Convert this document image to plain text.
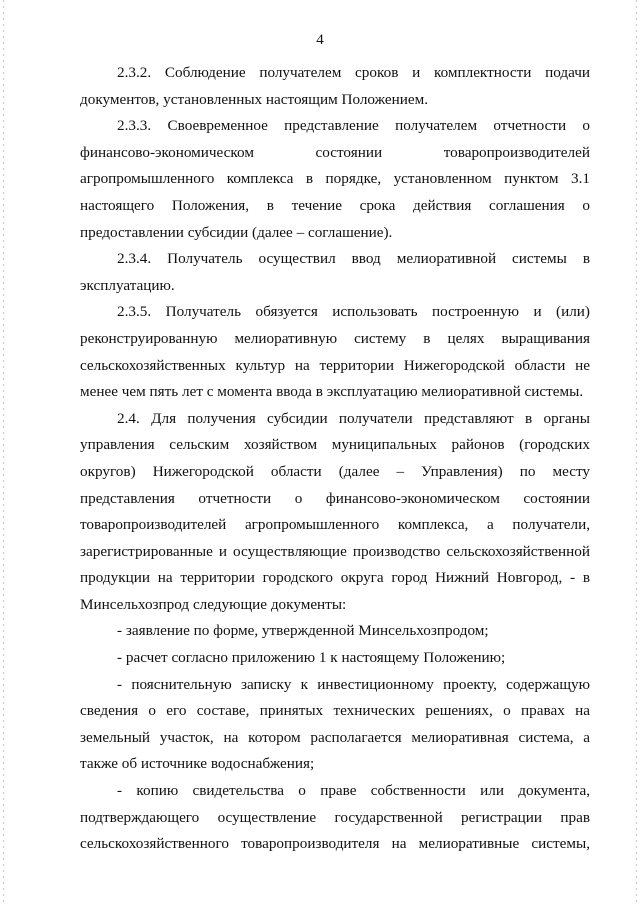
4
2.3.2. Соблюдение получателем сроков и комплектности подачи
документов, установленных настоящим Положением.
2.3.3. Своевременное представление получателем отчетности о
финансово-экономическом состоянии товаропроизводителей
агропромышленного комплекса в порядке, установленном пунктом 3.1
настоящего Положения, в течение срока действия соглашения о
предоставлении субсидии (далее – соглашение).
2.3.4. Получатель осуществил ввод мелиоративной системы в
эксплуатацию.
2.3.5. Получатель обязуется использовать построенную и (или)
реконструированную мелиоративную систему в целях выращивания
сельскохозяйственных культур на территории Нижегородской области не
менее чем пять лет с момента ввода в эксплуатацию мелиоративной системы.
2.4. Для получения субсидии получатели представляют в органы
управления сельским хозяйством муниципальных районов (городских
округов) Нижегородской области (далее – Управления) по месту
представления отчетности о финансово-экономическом состоянии
товаропроизводителей агропромышленного комплекса, а получатели,
зарегистрированные и осуществляющие производство сельскохозяйственной
продукции на территории городского округа город Нижний Новгород, - в
Минсельхозпрод следующие документы:
- заявление по форме, утвержденной Минсельхозпродом;
- расчет согласно приложению 1 к настоящему Положению;
- пояснительную записку к инвестиционному проекту, содержащую
сведения о его составе, принятых технических решениях, о правах на
земельный участок, на котором располагается мелиоративная система, а
также об источнике водоснабжения;
- копию свидетельства о праве собственности или документа,
подтверждающего осуществление государственной регистрации прав
сельскохозяйственного товаропроизводителя на мелиоративные системы,
